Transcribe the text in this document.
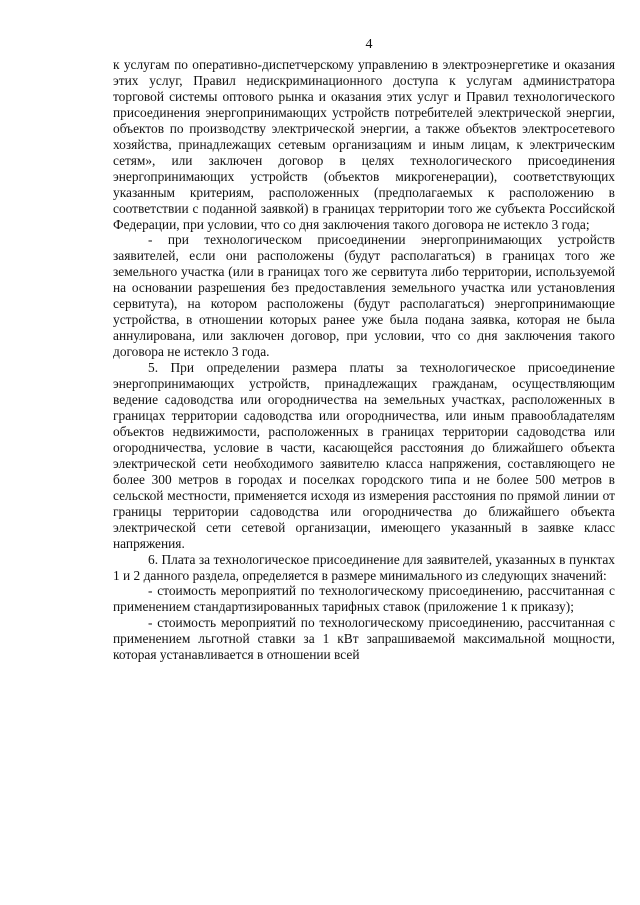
4

к услугам по оперативно-диспетчерскому управлению в электроэнергетике и оказания этих услуг, Правил недискриминационного доступа к услугам администратора торговой системы оптового рынка и оказания этих услуг и Правил технологического присоединения энергопринимающих устройств потребителей электрической энергии, объектов по производству электрической энергии, а также объектов электросетевого хозяйства, принадлежащих сетевым организациям и иным лицам, к электрическим сетям», или заключен договор в целях технологического присоединения энергопринимающих устройств (объектов микрогенерации), соответствующих указанным критериям, расположенных (предполагаемых к расположению в соответствии с поданной заявкой) в границах территории того же субъекта Российской Федерации, при условии, что со дня заключения такого договора не истекло 3 года;

- при технологическом присоединении энергопринимающих устройств заявителей, если они расположены (будут располагаться) в границах того же земельного участка (или в границах того же сервитута либо территории, используемой на основании разрешения без предоставления земельного участка или установления сервитута), на котором расположены (будут располагаться) энергопринимающие устройства, в отношении которых ранее уже была подана заявка, которая не была аннулирована, или заключен договор, при условии, что со дня заключения такого договора не истекло 3 года.

5. При определении размера платы за технологическое присоединение энергопринимающих устройств, принадлежащих гражданам, осуществляющим ведение садоводства или огородничества на земельных участках, расположенных в границах территории садоводства или огородничества, или иным правообладателям объектов недвижимости, расположенных в границах территории садоводства или огородничества, условие в части, касающейся расстояния до ближайшего объекта электрической сети необходимого заявителю класса напряжения, составляющего не более 300 метров в городах и поселках городского типа и не более 500 метров в сельской местности, применяется исходя из измерения расстояния по прямой линии от границы территории садоводства или огородничества до ближайшего объекта электрической сети сетевой организации, имеющего указанный в заявке класс напряжения.

6. Плата за технологическое присоединение для заявителей, указанных в пунктах 1 и 2 данного раздела, определяется в размере минимального из следующих значений:

- стоимость мероприятий по технологическому присоединению, рассчитанная с применением стандартизированных тарифных ставок (приложение 1 к приказу);

- стоимость мероприятий по технологическому присоединению, рассчитанная с применением льготной ставки за 1 кВт запрашиваемой максимальной мощности, которая устанавливается в отношении всей
